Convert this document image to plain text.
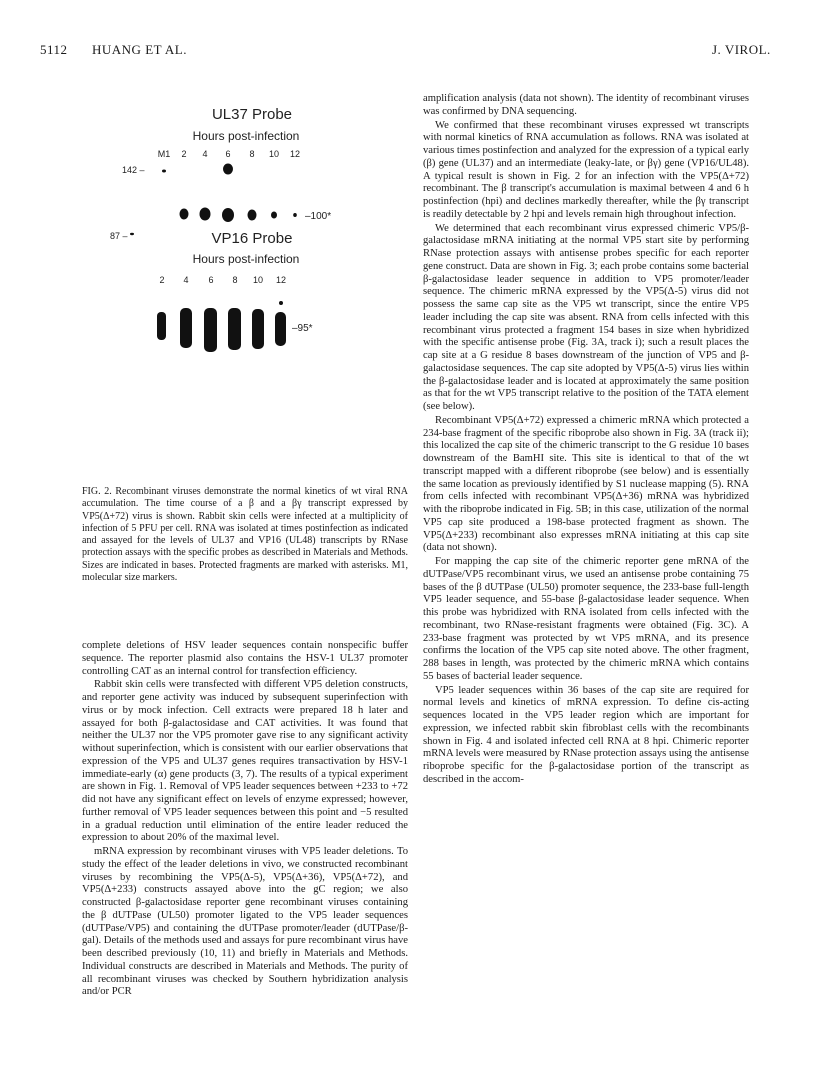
5112 HUANG ET AL.	J. VIROL.
UL37 Probe
Hours post-infection
M1 2 4 6 8 10 12
142 –
87 –
–100*
VP16 Probe
Hours post-infection
2 4 6 8 10 12
–95*
FIG. 2. Recombinant viruses demonstrate the normal kinetics of wt viral RNA accumulation. The time course of a β and a βγ transcript expressed by VP5(Δ+72) virus is shown. Rabbit skin cells were infected at a multiplicity of infection of 5 PFU per cell. RNA was isolated at times postinfection as indicated and assayed for the levels of UL37 and VP16 (UL48) transcripts by RNase protection assays with the specific probes as described in Materials and Methods. Sizes are indicated in bases. Protected fragments are marked with asterisks. M1, molecular size markers.

complete deletions of HSV leader sequences contain nonspecific buffer sequence. The reporter plasmid also contains the HSV-1 UL37 promoter controlling CAT as an internal control for transfection efficiency.

Rabbit skin cells were transfected with different VP5 deletion constructs, and reporter gene activity was induced by subsequent superinfection with virus or by mock infection. Cell extracts were prepared 18 h later and assayed for both β-galactosidase and CAT activities. It was found that neither the UL37 nor the VP5 promoter gave rise to any significant activity without superinfection, which is consistent with our earlier observations that expression of the VP5 and UL37 genes requires transactivation by HSV-1 immediate-early (α) gene products (3, 7). The results of a typical experiment are shown in Fig. 1. Removal of VP5 leader sequences between +233 to +72 did not have any significant effect on levels of enzyme expressed; however, further removal of VP5 leader sequences between this point and −5 resulted in a gradual reduction until elimination of the entire leader reduced the expression to about 20% of the maximal level.

mRNA expression by recombinant viruses with VP5 leader deletions. To study the effect of the leader deletions in vivo, we constructed recombinant viruses by recombining the VP5(Δ-5), VP5(Δ+36), VP5(Δ+72), and VP5(Δ+233) constructs assayed above into the gC region; we also constructed β-galactosidase reporter gene recombinant viruses containing the β dUTPase (UL50) promoter ligated to the VP5 leader sequences (dUTPase/VP5) and containing the dUTPase promoter/leader (dUTPase/β-gal). Details of the methods used and assays for pure recombinant virus have been described previously (10, 11) and briefly in Materials and Methods. Individual constructs are described in Materials and Methods. The purity of all recombinant viruses was checked by Southern hybridization analysis and/or PCR

amplification analysis (data not shown). The identity of recombinant viruses was confirmed by DNA sequencing.

We confirmed that these recombinant viruses expressed wt transcripts with normal kinetics of RNA accumulation as follows. RNA was isolated at various times postinfection and analyzed for the expression of a typical early (β) gene (UL37) and an intermediate (leaky-late, or βγ) gene (VP16/UL48). A typical result is shown in Fig. 2 for an infection with the VP5(Δ+72) recombinant. The β transcript's accumulation is maximal between 4 and 6 h postinfection (hpi) and declines markedly thereafter, while the βγ transcript is readily detectable by 2 hpi and levels remain high throughout infection.

We determined that each recombinant virus expressed chimeric VP5/β-galactosidase mRNA initiating at the normal VP5 start site by performing RNase protection assays with antisense probes specific for each reporter gene construct. Data are shown in Fig. 3; each probe contains some bacterial β-galactosidase leader sequence in addition to VP5 promoter/leader sequence. The chimeric mRNA expressed by the VP5(Δ-5) virus did not possess the same cap site as the VP5 wt transcript, since the entire VP5 leader including the cap site was absent. RNA from cells infected with this recombinant virus protected a fragment 154 bases in size when hybridized with the specific antisense probe (Fig. 3A, track i); such a result places the cap site at a G residue 8 bases downstream of the junction of VP5 and β-galactosidase sequences. The cap site adopted by VP5(Δ-5) virus lies within the β-galactosidase leader and is located at approximately the same position as that for the wt VP5 transcript relative to the position of the TATA element (see below).

Recombinant VP5(Δ+72) expressed a chimeric mRNA which protected a 234-base fragment of the specific riboprobe also shown in Fig. 3A (track ii); this localized the cap site of the chimeric transcript to the G residue 10 bases downstream of the BamHI site. This site is identical to that of the wt transcript mapped with a different riboprobe (see below) and is essentially the same location as previously identified by S1 nuclease mapping (5). RNA from cells infected with recombinant VP5(Δ+36) mRNA was hybridized with the riboprobe indicated in Fig. 5B; in this case, utilization of the normal VP5 cap site produced a 198-base protected fragment as shown. The VP5(Δ+233) recombinant also expresses mRNA initiating at this cap site (data not shown).

For mapping the cap site of the chimeric reporter gene mRNA of the dUTPase/VP5 recombinant virus, we used an antisense probe containing 75 bases of the β dUTPase (UL50) promoter sequence, the 233-base full-length VP5 leader sequence, and 55-base β-galactosidase leader sequence. When this probe was hybridized with RNA isolated from cells infected with the recombinant, two RNase-resistant fragments were obtained (Fig. 3C). A 233-base fragment was protected by wt VP5 mRNA, and its presence confirms the location of the VP5 cap site noted above. The other fragment, 288 bases in length, was protected by the chimeric mRNA which contains 55 bases of bacterial leader sequence.

VP5 leader sequences within 36 bases of the cap site are required for normal levels and kinetics of mRNA expression. To define cis-acting sequences located in the VP5 leader region which are important for expression, we infected rabbit skin fibroblast cells with the recombinants shown in Fig. 4 and isolated infected cell RNA at 8 hpi. Chimeric reporter mRNA levels were measured by RNase protection assays using the antisense riboprobe specific for the β-galactosidase portion of the transcript as described in the accom-
